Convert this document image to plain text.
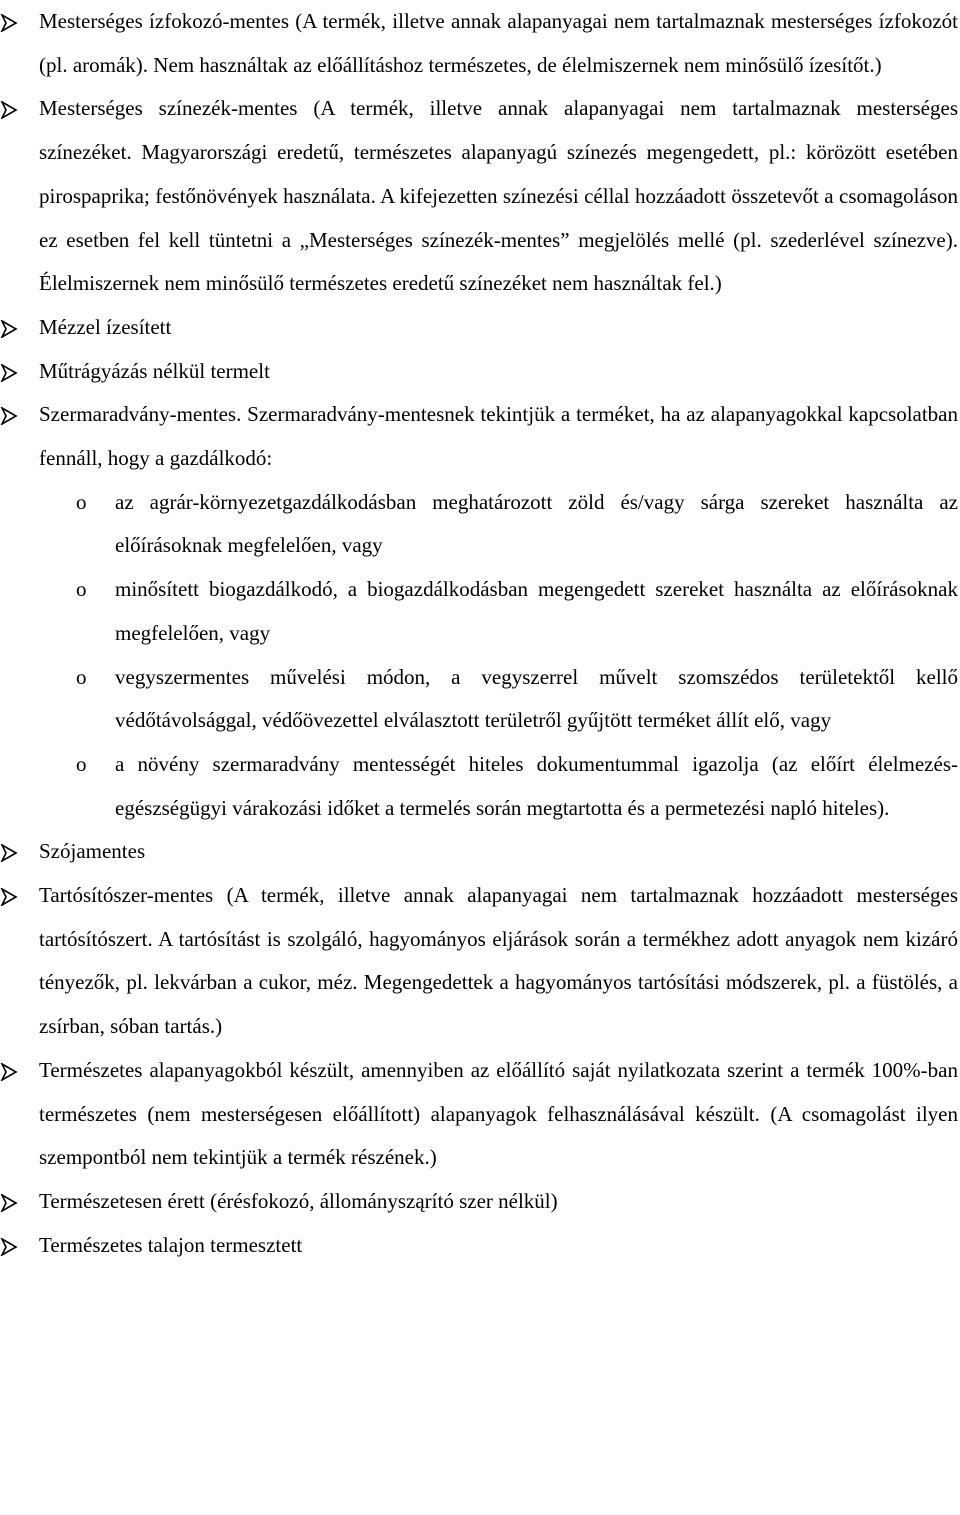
Mesterséges ízfokozó-mentes (A termék, illetve annak alapanyagai nem tartalmaznak mesterséges ízfokozót (pl. aromák). Nem használtak az előállításhoz természetes, de élelmiszernek nem minősülő ízesítőt.)

Mesterséges színezék-mentes (A termék, illetve annak alapanyagai nem tartalmaznak mesterséges színezéket. Magyarországi eredetű, természetes alapanyagú színezés megengedett, pl.: körözött esetében pirospaprika; festőnövények használata. A kifejezetten színezési céllal hozzáadott összetevőt a csomagoláson ez esetben fel kell tüntetni a „Mesterséges színezék-mentes” megjelölés mellé (pl. szederlével színezve). Élelmiszernek nem minősülő természetes eredetű színezéket nem használtak fel.)

Mézzel ízesített

Műtrágyázás nélkül termelt

Szermaradvány-mentes. Szermaradvány-mentesnek tekintjük a terméket, ha az alapanyagokkal kapcsolatban fennáll, hogy a gazdálkodó:

o az agrár-környezetgazdálkodásban meghatározott zöld és/vagy sárga szereket használta az előírásoknak megfelelően, vagy

o minősített biogazdálkodó, a biogazdálkodásban megengedett szereket használta az előírásoknak megfelelően, vagy

o vegyszermentes művelési módon, a vegyszerrel művelt szomszédos területektől kellő védőtávolsággal, védőövezettel elválasztott területről gyűjtött terméket állít elő, vagy

o a növény szermaradvány mentességét hiteles dokumentummal igazolja (az előírt élelmezés-egészségügyi várakozási időket a termelés során megtartotta és a permetezési napló hiteles).

Szójamentes

Tartósítószer-mentes (A termék, illetve annak alapanyagai nem tartalmaznak hozzáadott mesterséges tartósítószert. A tartósítást is szolgáló, hagyományos eljárások során a termékhez adott anyagok nem kizáró tényezők, pl. lekvárban a cukor, méz. Megengedettek a hagyományos tartósítási módszerek, pl. a füstölés, a zsírban, sóban tartás.)

Természetes alapanyagokból készült, amennyiben az előállító saját nyilatkozata szerint a termék 100%-ban természetes (nem mesterségesen előállított) alapanyagok felhasználásával készült. (A csomagolást ilyen szempontból nem tekintjük a termék részének.)

Természetesen érett (érésfokozó, állománysząrító szer nélkül)

Természetes talajon termesztett
